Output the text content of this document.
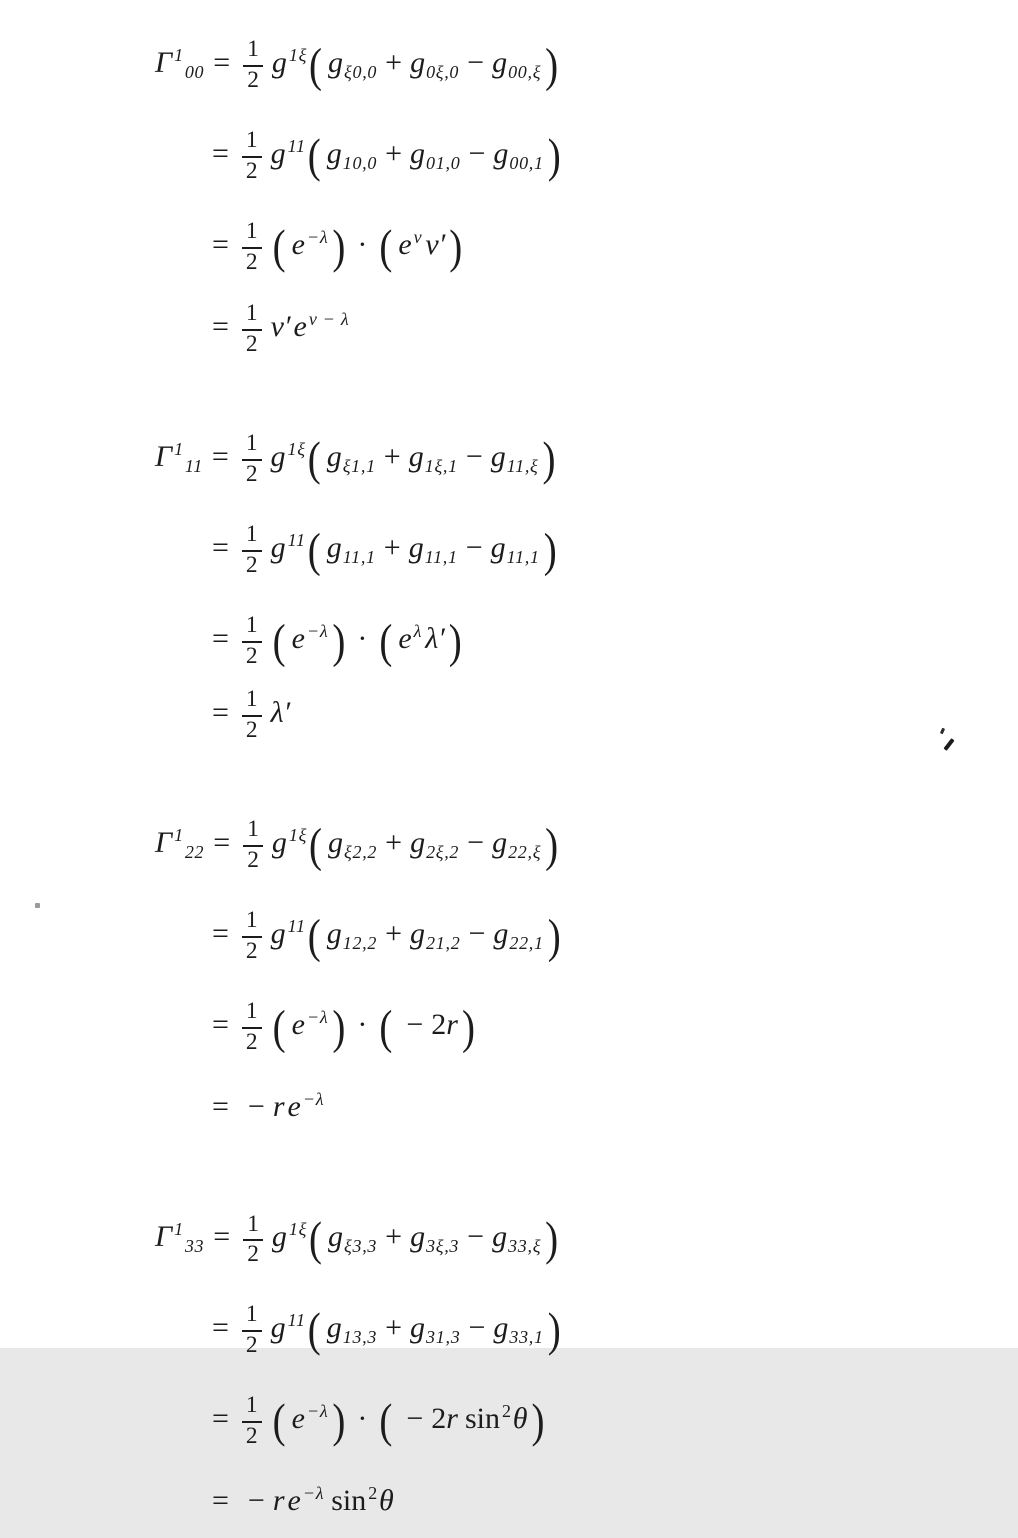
Γ $^1_{00} = \frac{1}{2}$ g $^{1\xi}$( $g_{\xi 0,0} + g_{0\xi,0} - g_{00,\xi}$ )
= $\frac{1}{2}$ g $^{11}$( $g_{10,0} + g_{01,0} - g_{00,1}$ )
= $\frac{1}{2}$ ( e $^{-\lambda}$ ) · ( e $^\nu$ ν′ )
= $\frac{1}{2} \nu'$ e $^{\nu - \lambda}$
Γ $^1_{11} = \frac{1}{2}$ g $^{1\xi}$( $g_{\xi 1,1} + g_{1\xi,1} - g_{11,\xi}$ )
= $\frac{1}{2}$ g $^{11}$( $g_{11,1} + g_{11,1} - g_{11,1}$ )
= $\frac{1}{2}$ ( e $^{-\lambda}$ ) · ( e $^\lambda$ λ′ )
= $\frac{1}{2} \lambda'$
Γ $^1_{22} = \frac{1}{2}$ g $^{1\xi}$( $g_{\xi 2,2} + g_{2\xi,2} - g_{22,\xi}$ )
= $\frac{1}{2}$ g $^{11}$( $g_{12,2} + g_{21,2} - g_{22,1}$ )
= $\frac{1}{2}$ ( e $^{-\lambda}$ ) · ( − 2r )
= − r e $^{-\lambda}$
Γ $^1_{33} = \frac{1}{2}$ g $^{1\xi}$( $g_{\xi 3,3} + g_{3\xi,3} - g_{33,\xi}$ )
= $\frac{1}{2}$ g $^{11}$( $g_{13,3} + g_{31,3} - g_{33,1}$ )
= $\frac{1}{2}$ ( e $^{-\lambda}$ ) · ( − 2r sin $^2$θ )
= − r e $^{-\lambda}$ sin $^2$θ
